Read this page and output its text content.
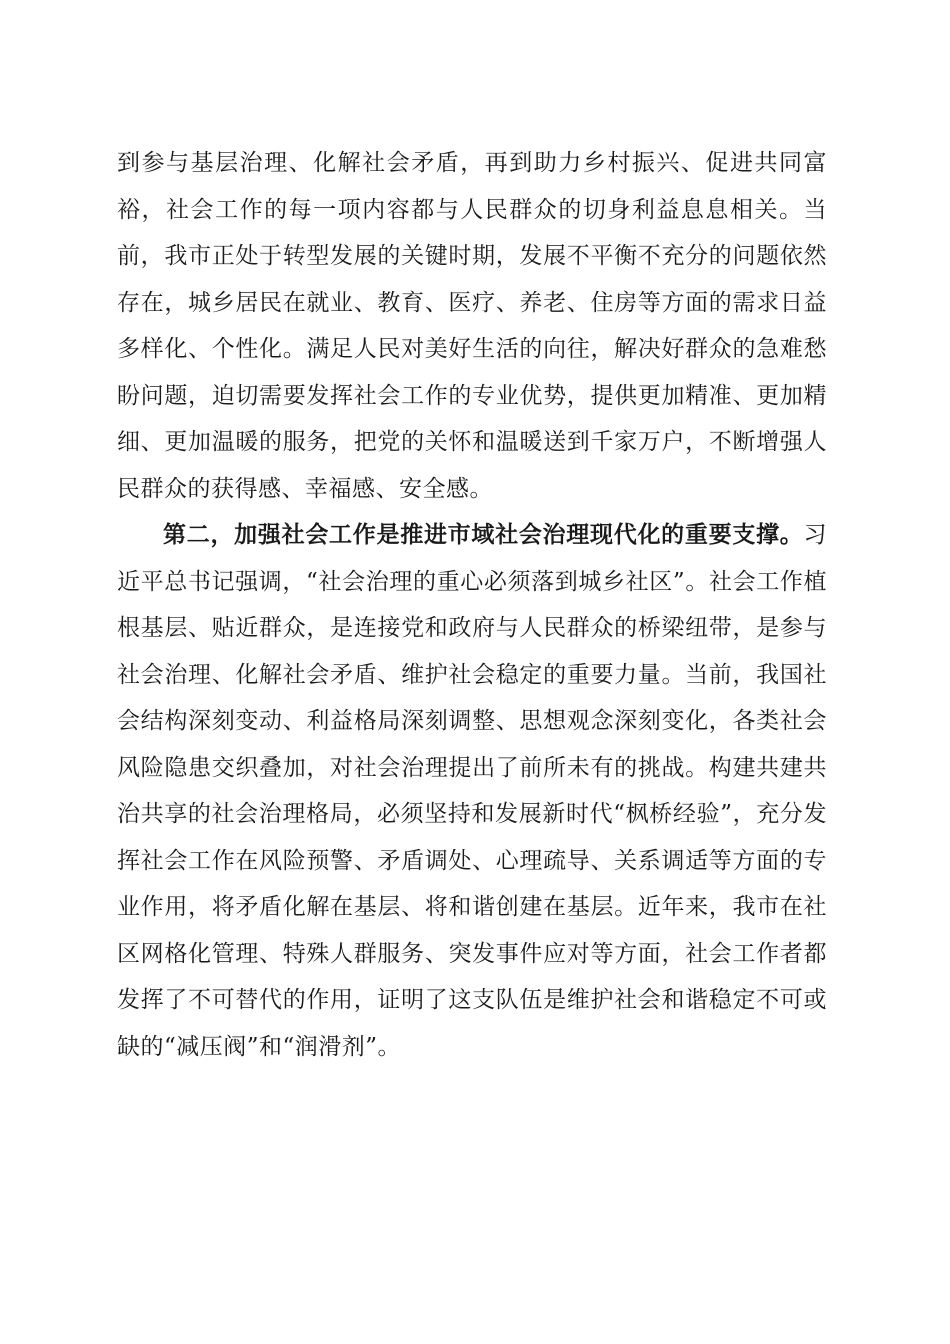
到参与基层治理、化解社会矛盾，再到助力乡村振兴、促进共同富裕，社会工作的每一项内容都与人民群众的切身利益息息相关。当前，我市正处于转型发展的关键时期，发展不平衡不充分的问题依然存在，城乡居民在就业、教育、医疗、养老、住房等方面的需求日益多样化、个性化。满足人民对美好生活的向往，解决好群众的急难愁盼问题，迫切需要发挥社会工作的专业优势，提供更加精准、更加精细、更加温暖的服务，把党的关怀和温暖送到千家万户，不断增强人民群众的获得感、幸福感、安全感。

第二，加强社会工作是推进市域社会治理现代化的重要支撑。习近平总书记强调，“社会治理的重心必须落到城乡社区”。社会工作植根基层、贴近群众，是连接党和政府与人民群众的桥梁纽带，是参与社会治理、化解社会矛盾、维护社会稳定的重要力量。当前，我国社会结构深刻变动、利益格局深刻调整、思想观念深刻变化，各类社会风险隐患交织叠加，对社会治理提出了前所未有的挑战。构建共建共治共享的社会治理格局，必须坚持和发展新时代“枫桥经验”，充分发挥社会工作在风险预警、矛盾调处、心理疏导、关系调适等方面的专业作用，将矛盾化解在基层、将和谐创建在基层。近年来，我市在社区网格化管理、特殊人群服务、突发事件应对等方面，社会工作者都发挥了不可替代的作用，证明了这支队伍是维护社会和谐稳定不可或缺的“减压阀”和“润滑剂”。
